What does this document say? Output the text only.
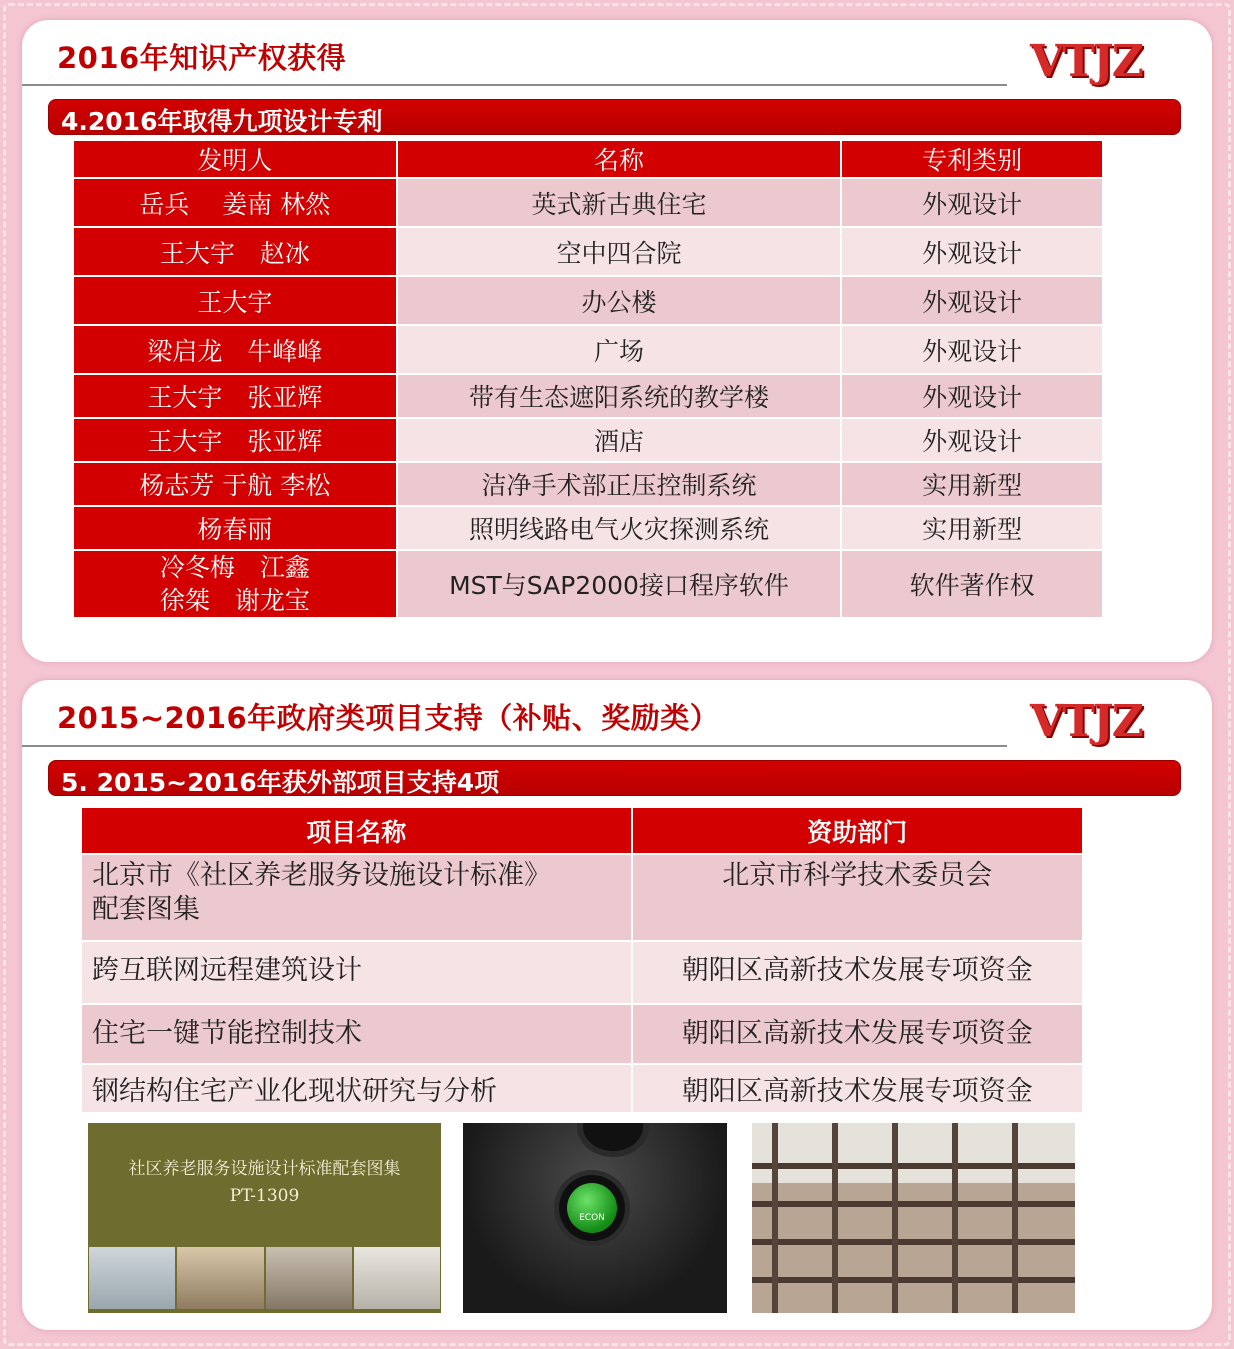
2016年知识产权获得	VTJZ
4.2016年取得九项设计专利
发明人	名称	专利类别
岳兵　 姜南 林然	英式新古典住宅	外观设计
王大宇　赵冰	空中四合院	外观设计
王大宇	办公楼	外观设计
梁启龙　牛峰峰	广场	外观设计
王大宇　张亚辉	带有生态遮阳系统的教学楼	外观设计
王大宇　张亚辉	酒店	外观设计
杨志芳 于航 李松	洁净手术部正压控制系统	实用新型
杨春丽	照明线路电气火灾探测系统	实用新型

冷冬梅　江鑫
徐桀　谢龙宝	MST与SAP2000接口程序软件	软件著作权
2015~2016年政府类项目支持（补贴、奖励类）	VTJZ
5. 2015~2016年获外部项目支持4项
项目名称	资助部门

北京市《社区养老服务设施设计标准》
配套图集	北京市科学技术委员会
跨互联网远程建筑设计	朝阳区高新技术发展专项资金
住宅一键节能控制技术	朝阳区高新技术发展专项资金
钢结构住宅产业化现状研究与分析	朝阳区高新技术发展专项资金
社区养老服务设施设计标准配套图集
PT-1309
ECON
